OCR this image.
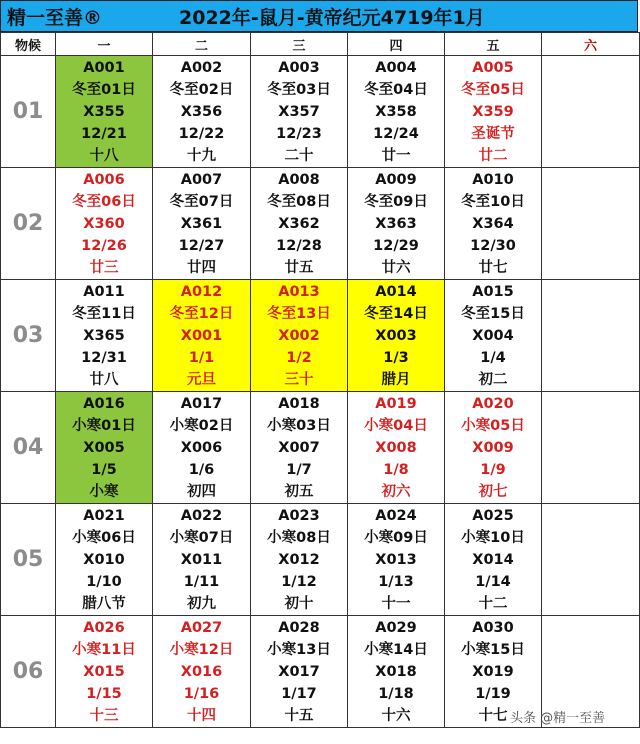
精一至善®	2022年-鼠月-黄帝纪元4719年1月
物候	一	二	三	四	五	六
01	A001
冬至01日
X355
12/21
十八	A002
冬至02日
X356
12/22
十九	A003
冬至03日
X357
12/23
二十	A004
冬至04日
X358
12/24
廿一	A005
冬至05日
X359
圣诞节
廿二	

02	A006
冬至06日
X360
12/26
廿三	A007
冬至07日
X361
12/27
廿四	A008
冬至08日
X362
12/28
廿五	A009
冬至09日
X363
12/29
廿六	A010
冬至10日
X364
12/30
廿七	

03	A011
冬至11日
X365
12/31
廿八	A012
冬至12日
X001
1/1
元旦	A013
冬至13日
X002
1/2
三十	A014
冬至14日
X003
1/3
腊月	A015
冬至15日
X004
1/4
初二	

04	A016
小寒01日
X005
1/5
小寒	A017
小寒02日
X006
1/6
初四	A018
小寒03日
X007
1/7
初五	A019
小寒04日
X008
1/8
初六	A020
小寒05日
X009
1/9
初七	

05	A021
小寒06日
X010
1/10
腊八节	A022
小寒07日
X011
1/11
初九	A023
小寒08日
X012
1/12
初十	A024
小寒09日
X013
1/13
十一	A025
小寒10日
X014
1/14
十二	

06	A026
小寒11日
X015
1/15
十三	A027
小寒12日
X016
1/16
十四	A028
小寒13日
X017
1/17
十五	A029
小寒14日
X018
1/18
十六	A030
小寒15日
X019
1/19
十七	
	头条 @精一至善
